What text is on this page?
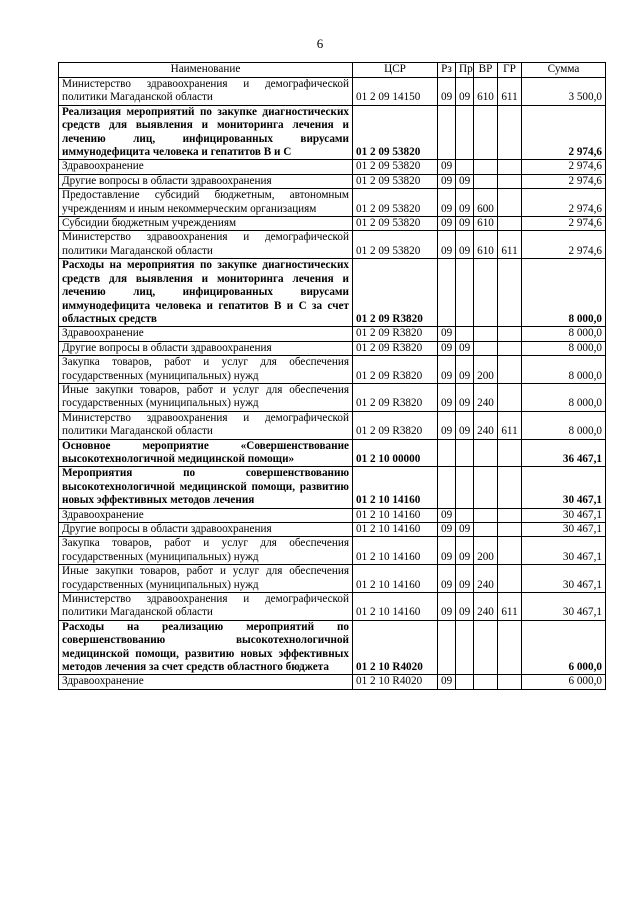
6
Наименование	ЦСР	Рз	Пр	ВР	ГР	Сумма
Министерство здравоохранения и демографической политики Магаданской области	01 2 09 14150	09	09	610	611	3 500,0
Реализация мероприятий по закупке диагностических средств для выявления и мониторинга лечения и лечению лиц, инфицированных вирусами иммунодефицита человека и гепатитов В и С	01 2 09 53820					2 974,6
Здравоохранение	01 2 09 53820	09				2 974,6
Другие вопросы в области здравоохранения	01 2 09 53820	09	09			2 974,6
Предоставление субсидий бюджетным, автономным учреждениям и иным некоммерческим организациям	01 2 09 53820	09	09	600		2 974,6
Субсидии бюджетным учреждениям	01 2 09 53820	09	09	610		2 974,6
Министерство здравоохранения и демографической политики Магаданской области	01 2 09 53820	09	09	610	611	2 974,6
Расходы на мероприятия по закупке диагностических средств для выявления и мониторинга лечения и лечению лиц, инфицированных вирусами иммунодефицита человека и гепатитов В и С за счет областных средств	01 2 09 R3820					8 000,0
Здравоохранение	01 2 09 R3820	09				8 000,0
Другие вопросы в области здравоохранения	01 2 09 R3820	09	09			8 000,0
Закупка товаров, работ и услуг для обеспечения государственных (муниципальных) нужд	01 2 09 R3820	09	09	200		8 000,0
Иные закупки товаров, работ и услуг для обеспечения государственных (муниципальных) нужд	01 2 09 R3820	09	09	240		8 000,0
Министерство здравоохранения и демографической политики Магаданской области	01 2 09 R3820	09	09	240	611	8 000,0
Основное мероприятие «Совершенствование высокотехнологичной медицинской помощи»	01 2 10 00000					36 467,1
Мероприятия по совершенствованию высокотехнологичной медицинской помощи, развитию новых эффективных методов лечения	01 2 10 14160					30 467,1
Здравоохранение	01 2 10 14160	09				30 467,1
Другие вопросы в области здравоохранения	01 2 10 14160	09	09			30 467,1
Закупка товаров, работ и услуг для обеспечения государственных (муниципальных) нужд	01 2 10 14160	09	09	200		30 467,1
Иные закупки товаров, работ и услуг для обеспечения государственных (муниципальных) нужд	01 2 10 14160	09	09	240		30 467,1
Министерство здравоохранения и демографической политики Магаданской области	01 2 10 14160	09	09	240	611	30 467,1
Расходы на реализацию мероприятий по совершенствованию высокотехнологичной медицинской помощи, развитию новых эффективных методов лечения за счет средств областного бюджета	01 2 10 R4020					6 000,0
Здравоохранение	01 2 10 R4020	09				6 000,0
